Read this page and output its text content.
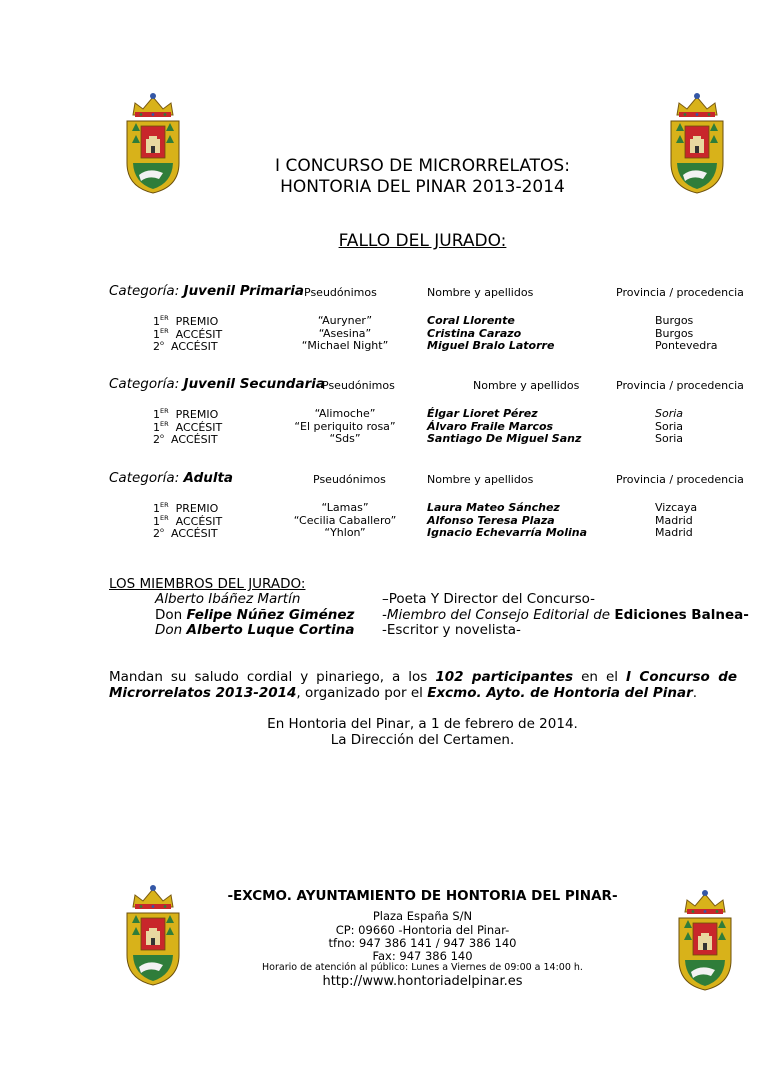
I CONCURSO DE MICRORRELATOS:
HONTORIA DEL PINAR 2013-2014
FALLO DEL JURADO:
Categoría: Juvenil Primaria Pseudónimos	Nombre y apellidos	Provincia / procedencia
1ER PREMIO	“Auryner”	Coral Llorente	Burgos
1ER ACCÉSIT	“Asesina”	Cristina Carazo	Burgos
2$^o$ ACCÉSIT	“Michael Night”	Miguel Bralo Latorre	Pontevedra
Categoría: Juvenil Secundaria
Pseudónimos	Nombre y apellidos	Provincia / procedencia
1ER PREMIO	“Alimoche”	Élgar Lioret Pérez	Soria
1ER ACCÉSIT	“El periquito rosa”	Álvaro Fraile Marcos	Soria
2$^o$ ACCÉSIT	“Sds”	Santiago De Miguel Sanz	Soria
Categoría: Adulta	Pseudónimos	Nombre y apellidos	Provincia / procedencia
1ER PREMIO	“Lamas”	Laura Mateo Sánchez	Vizcaya
1ER ACCÉSIT	“Cecilia Caballero”	Alfonso Teresa Plaza	Madrid
2$^o$ ACCÉSIT	“Yhlon”	Ignacio Echevarría Molina	Madrid
LOS MIEMBROS DEL JURADO:
Alberto Ibáñez Martín	–Poeta Y Director del Concurso-
Don Felipe Núñez Giménez -Miembro del Consejo Editorial de Ediciones Balnea-
Don Alberto Luque Cortina -Escritor y novelista-
Mandan su saludo cordial y pinariego, a los 102 participantes en el I Concurso de
Microrrelatos 2013-2014, organizado por el Excmo. Ayto. de Hontoria del Pinar.
En Hontoria del Pinar, a 1 de febrero de 2014.
La Dirección del Certamen.
-EXCMO. AYUNTAMIENTO DE HONTORIA DEL PINAR-
Plaza España S/N
CP: 09660 -Hontoria del Pinar-
tfno: 947 386 141 / 947 386 140
Fax: 947 386 140
Horario de atención al público: Lunes a Viernes de 09:00 a 14:00 h.
http://www.hontoriadelpinar.es
